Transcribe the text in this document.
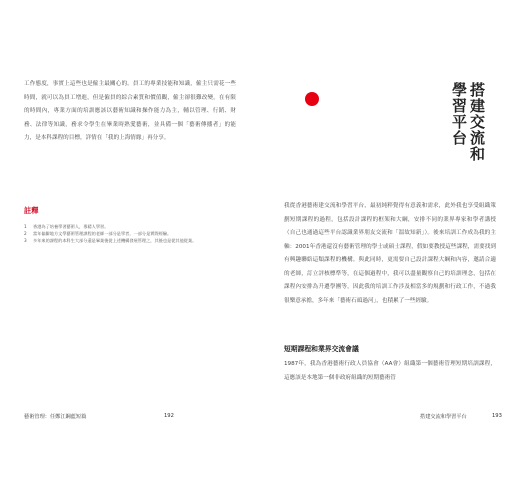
工作態度，事實上這些也是僱主最關心的。員工的專業技能和知識，僱主只需花一些時間，就可以為員工增進，但是僱員的綜合素質和價值觀，僱主卻很難改變。在有限的時間內，專業方面的培訓應該以藝術知識和操作能力為主，輔以管理、行銷、財務、法律等知識，務求令學生在畢業時熟愛藝術，並具備一個「藝術傳播者」的能力，是本科課程的目標，詳情在「我的上海情緣」再分享。

註釋
1 香港為了培養學習藝術人，專精人學習。
2 當年偏僻地方文學藝術管理課程的老師一部分是學者，一部分是實際經驗。
3 多年來的課程的本科生大部分還是畢業後從上述機構發展管理之，其後也是從其他從業。
藝術管理：任鄭江鋼藍短篇	192
搭建交流和
學習平台

我從香港藝術建交流和學習平台，最初純粹覺得有意義和需求，此外我也享受組織策劃短期課程的過程，包括設計課程的框架和大綱，安排不同的業界專家和學者講授（自己也通過這些平台認識業界朋友交流和「溫故知新」）。後來培訓工作成為我的主軸：2001年香港還沒有藝術管理的學士或碩士課程，假如要教授這些課程，需要找到有興趣聯絡這類課程的機構。與此同時，更需要自己設計課程大綱和內容，邀請合適的老師，訂立評核標準等，在這個過程中，我可以盡量觀察自己的培訓理念，包括在課程內安排為升遷學團等，因此我的培訓工作涉及相當多的規劃和行政工作，不過我很樂意承擔，多年來「藝術石頭過河」，也積累了一些經驗。

短期課程和業界交流會議

1987年，我為香港藝術行政人員協會（AA會）組織第一個藝術管理短期培訓課程，這應該是本地第一個非政府組織的短期藝術管

搭建交流和學習平台	193
